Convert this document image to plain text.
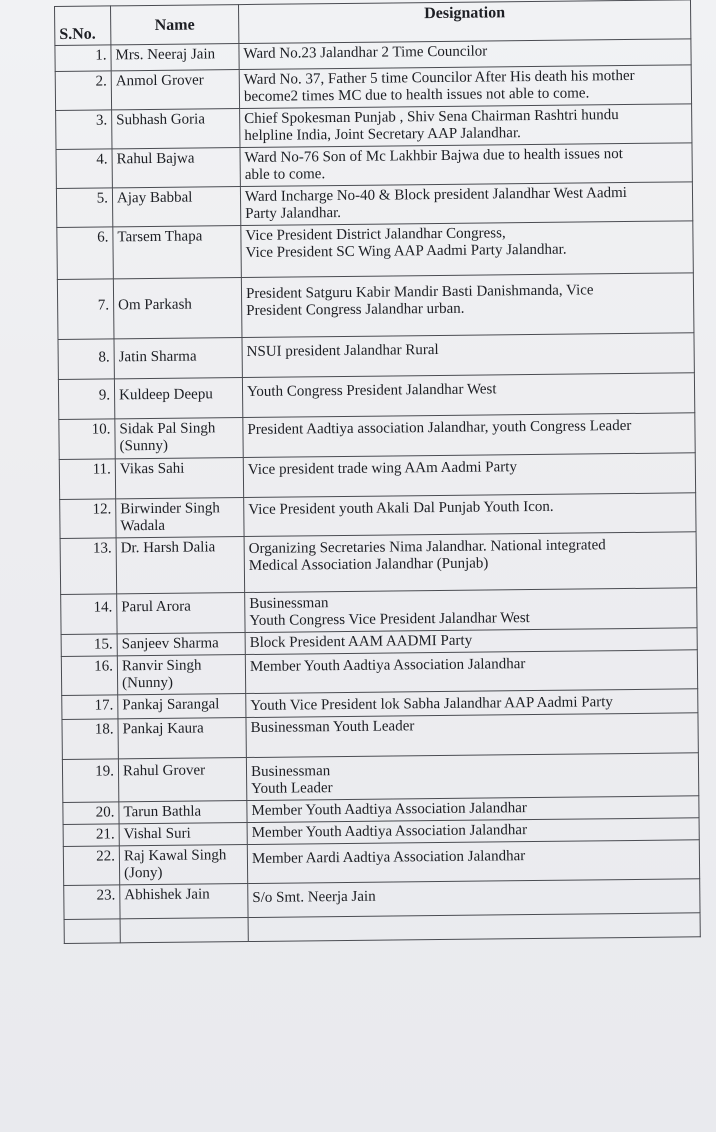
S.No.	Name	Designation
1.	Mrs. Neeraj Jain	Ward No.23 Jalandhar 2 Time Councilor

2.	Anmol Grover	Ward No. 37, Father 5 time Councilor After His death his mother
become2 times MC due to health issues not able to come.

3.	Subhash Goria	Chief Spokesman Punjab , Shiv Sena Chairman Rashtri hundu
helpline India, Joint Secretary AAP Jalandhar.

4.	Rahul Bajwa	Ward No-76 Son of Mc Lakhbir Bajwa due to health issues not
able to come.

5.	Ajay Babbal	Ward Incharge No-40 & Block president Jalandhar West Aadmi
Party Jalandhar.

6.	Tarsem Thapa	Vice President District Jalandhar Congress,
Vice President SC Wing AAP Aadmi Party Jalandhar.

7.	Om Parkash	President Satguru Kabir Mandir Basti Danishmanda, Vice
President Congress Jalandhar urban.

8.	Jatin Sharma	NSUI president Jalandhar Rural

9.	Kuldeep Deepu	Youth Congress President Jalandhar West

10.	Sidak Pal Singh
(Sunny)	President Aadtiya association Jalandhar, youth Congress Leader

11.	Vikas Sahi	Vice president trade wing AAm Aadmi Party

12.	Birwinder Singh
Wadala	Vice President youth Akali Dal Punjab Youth Icon.

13.	Dr. Harsh Dalia	Organizing Secretaries Nima Jalandhar. National integrated
Medical Association Jalandhar (Punjab)

14.	Parul Arora	Businessman
Youth Congress Vice President Jalandhar West

15.	Sanjeev Sharma	Block President AAM AADMI Party

16.	Ranvir Singh
(Nunny)	Member Youth Aadtiya Association Jalandhar

17.	Pankaj Sarangal	Youth Vice President lok Sabha Jalandhar AAP Aadmi Party

18.	Pankaj Kaura	Businessman Youth Leader

19.	Rahul Grover	Businessman
Youth Leader

20.	Tarun Bathla	Member Youth Aadtiya Association Jalandhar

21.	Vishal Suri	Member Youth Aadtiya Association Jalandhar

22.	Raj Kawal Singh
(Jony)	Member Aardi Aadtiya Association Jalandhar

23.	Abhishek Jain	S/o Smt. Neerja Jain
